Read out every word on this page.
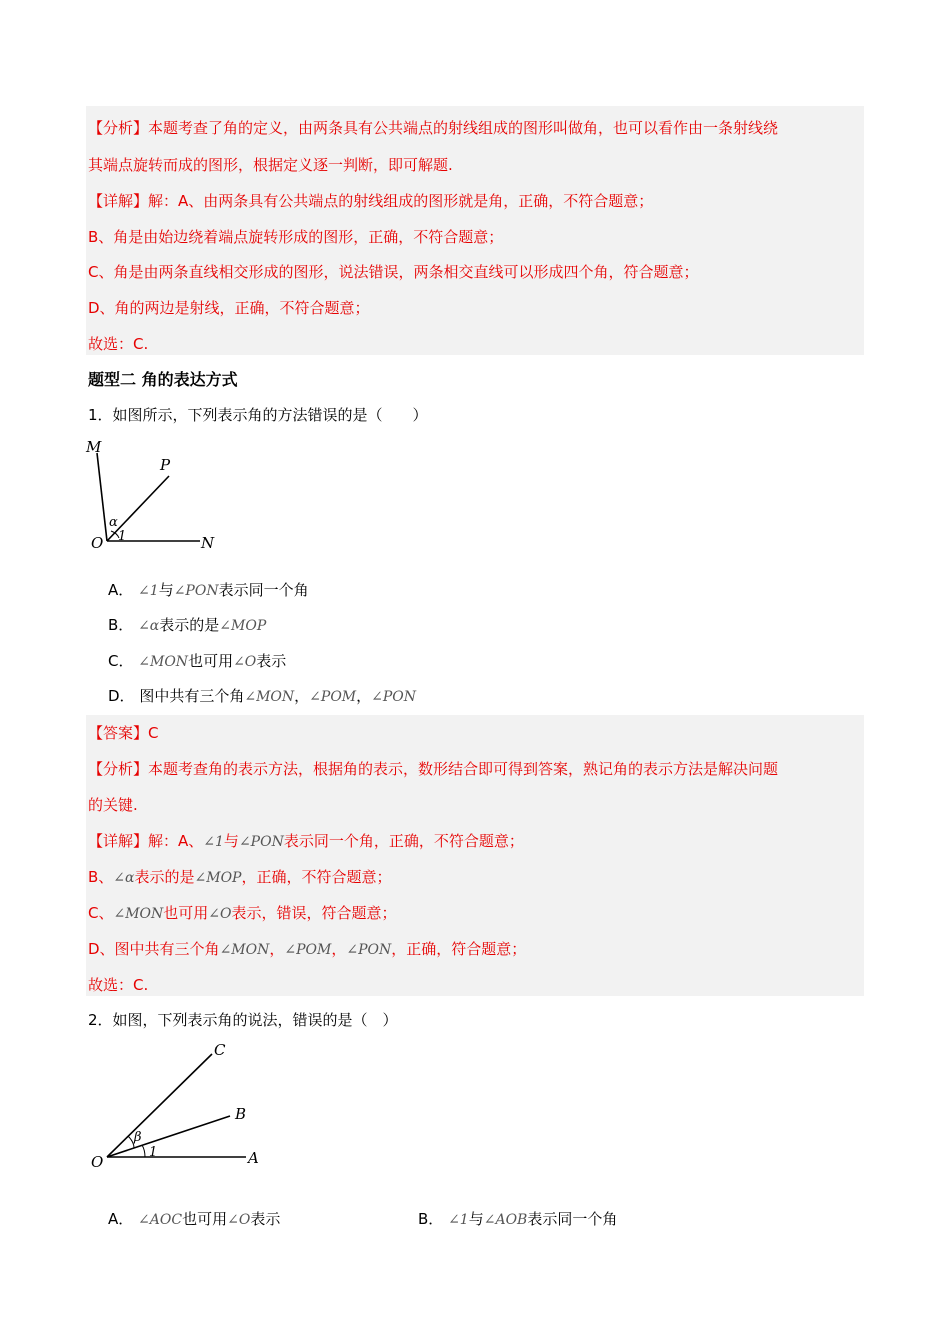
【分析】本题考查了角的定义，由两条具有公共端点的射线组成的图形叫做角，也可以看作由一条射线绕
其端点旋转而成的图形，根据定义逐一判断，即可解题.
【详解】解：A、由两条具有公共端点的射线组成的图形就是角，正确，不符合题意；
B、角是由始边绕着端点旋转形成的图形，正确，不符合题意；
C、角是由两条直线相交形成的图形，说法错误，两条相交直线可以形成四个角，符合题意；
D、角的两边是射线，正确，不符合题意；
故选：C.
题型二 角的表达方式
1．如图所示，下列表示角的方法错误的是（　　）
M
P
O	N
α
1
A． ∠1与∠PON表示同一个角
B． ∠α表示的是∠MOP
C． ∠MON也可用∠O表示
D． 图中共有三个角∠MON，∠POM，∠PON
【答案】C
【分析】本题考查角的表示方法，根据角的表示，数形结合即可得到答案，熟记角的表示方法是解决问题
的关键.
【详解】解：A、∠1与∠PON表示同一个角，正确，不符合题意；
B、∠α表示的是∠MOP，正确，不符合题意；
C、∠MON也可用∠O表示，错误，符合题意；
D、图中共有三个角∠MON，∠POM，∠PON，正确，符合题意；
故选：C.
2．如图，下列表示角的说法，错误的是（　）
C
B
O	A
β
1
A． ∠AOC也可用∠O表示	B． ∠1与∠AOB表示同一个角
